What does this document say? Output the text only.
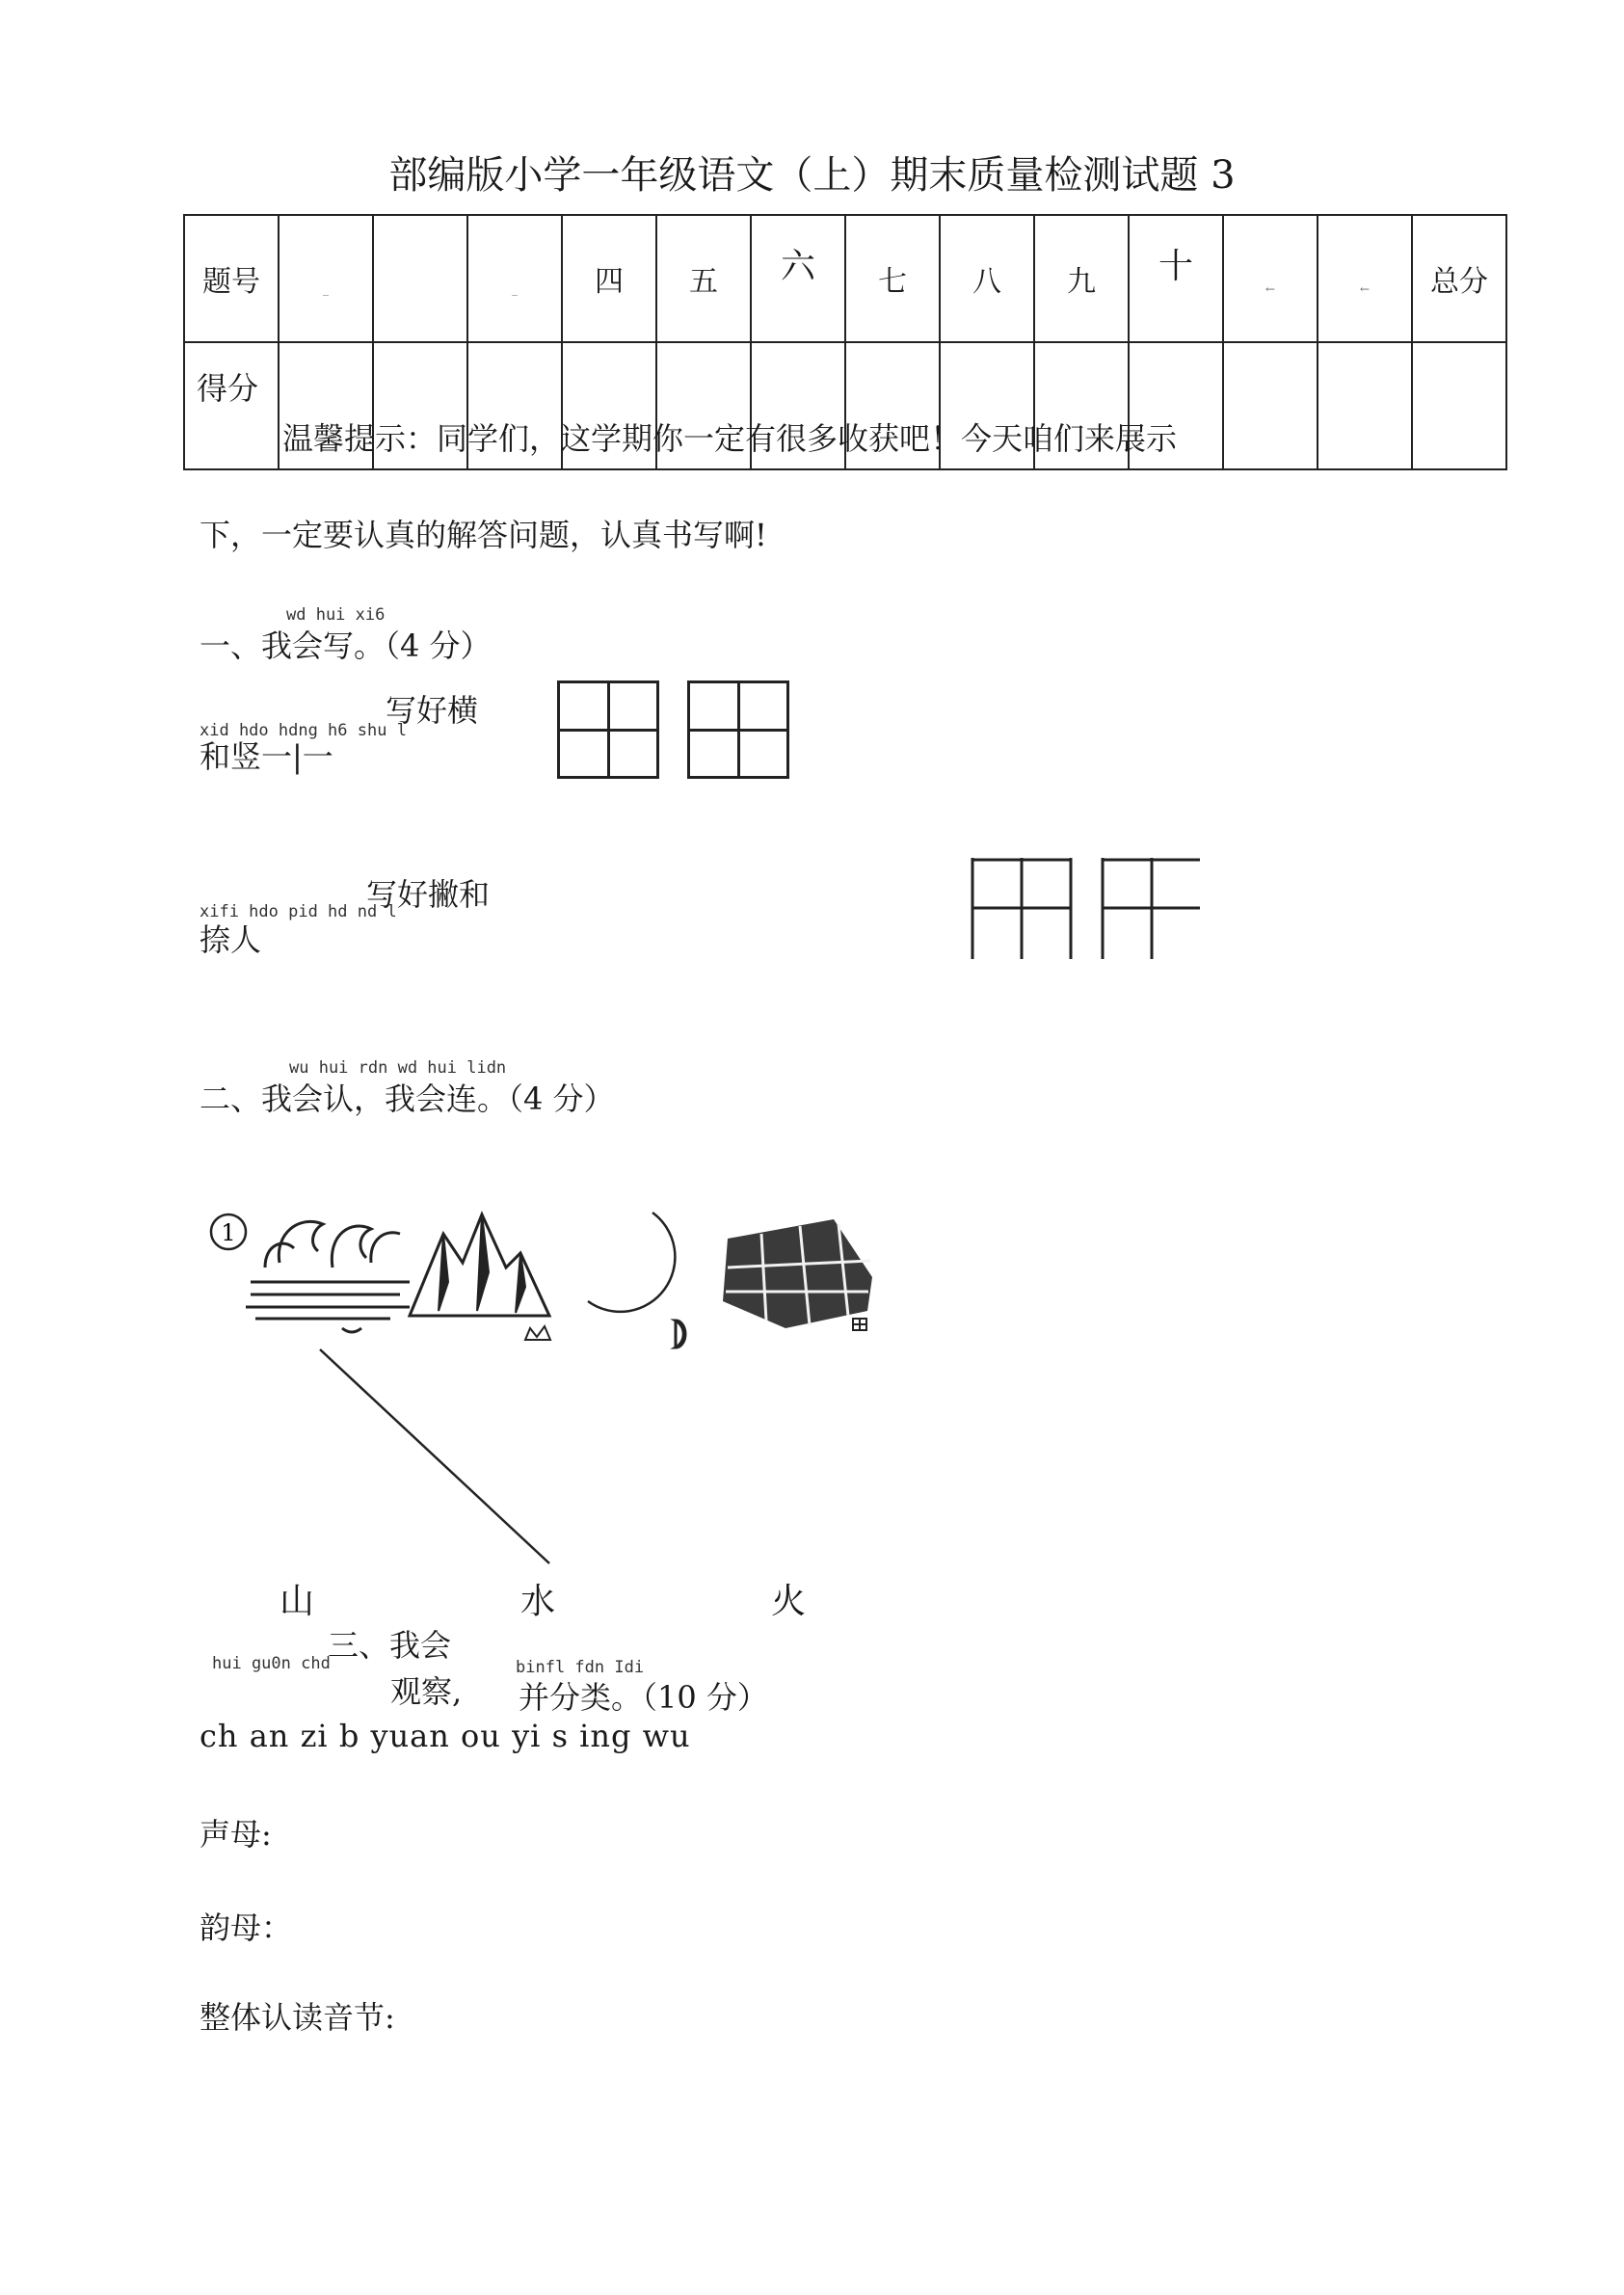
部编版小学一年级语文（上）期末质量检测试题 3
题号	_		_	四	五	六	七	八	九	十	←	←	总分
得分													
温馨提示：同学们，这学期你一定有很多收获吧！今天咱们来展示
下，一定要认真的解答问题，认真书写啊!
wd hui xi6
一、我会写。（4 分）
写好横
xid hdo hdng h6 shu l
和竖一|一
写好撇和
xifi hdo pid hd nd l
捺人
wu hui rdn wd hui lidn
二、我会认，我会连。（4 分）
1
山	水	火
三、我会
hui gu0n chd
观察,
binfl fdn Idi
并分类。（10 分）
ch an zi b yuan ou yi s ing wu
声母:
韵母：
整体认读音节:
